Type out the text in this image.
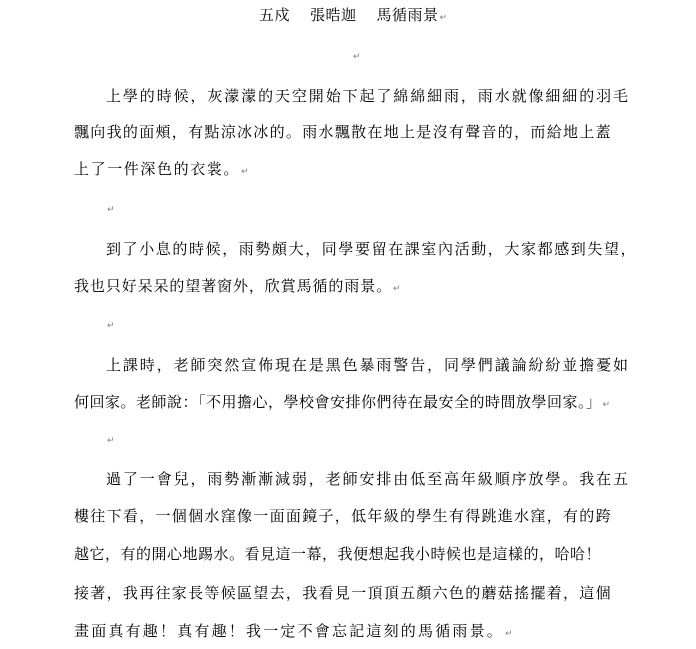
五戍 張晧迦 馬循雨景↵
↵
上學的時候，灰濛濛的天空開始下起了綿綿細雨，雨水就像細細的羽毛
飄向我的面頰，有點涼冰冰的。雨水飄散在地上是沒有聲音的，而給地上蓋
上了一件深色的衣裳。↵
↵
到了小息的時候，雨勢頗大，同學要留在課室內活動，大家都感到失望，
我也只好呆呆的望著窗外，欣賞馬循的雨景。↵
↵
上課時，老師突然宣佈現在是黑色暴雨警告，同學們議論紛紛並擔憂如
何回家。老師說：「不用擔心，學校會安排你們待在最安全的時間放學回家。」↵
↵
過了一會兒，雨勢漸漸減弱，老師安排由低至高年級順序放學。我在五
樓往下看，一個個水窪像一面面鏡子，低年級的學生有得跳進水窪，有的跨
越它，有的開心地踢水。看見這一幕，我便想起我小時候也是這樣的，哈哈！
接著，我再往家長等候區望去，我看見一頂頂五顏六色的蘑菇搖擺着，這個
畫面真有趣！真有趣！我一定不會忘記這刻的馬循雨景。↵
